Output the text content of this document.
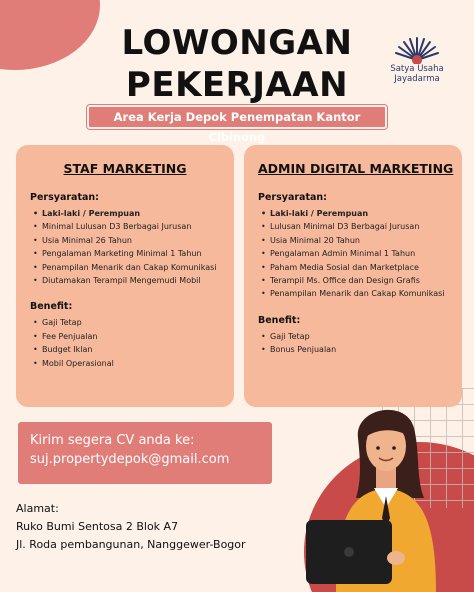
LOWONGAN
PEKERJAAN	Satya Usaha
Jayadarma
Area Kerja Depok Penempatan Kantor Cibinong
STAF MARKETING
Persyaratan:
• Laki-laki / Perempuan
• Minimal Lulusan D3 Berbagai Jurusan
• Usia Minimal 26 Tahun
• Pengalaman Marketing Minimal 1 Tahun
• Penampilan Menarik dan Cakap Komunikasi
• Diutamakan Terampil Mengemudi Mobil
Benefit:
• Gaji Tetap
• Fee Penjualan
• Budget Iklan
• Mobil Operasional
ADMIN DIGITAL MARKETING
Persyaratan:
• Laki-laki / Perempuan
• Lulusan Minimal D3 Berbagai Jurusan
• Usia Minimal 20 Tahun
• Pengalaman Admin Minimal 1 Tahun
• Paham Media Sosial dan Marketplace
• Terampil Ms. Office dan Design Grafis
• Penampilan Menarik dan Cakap Komunikasi
Benefit:
• Gaji Tetap
• Bonus Penjualan
Kirim segera CV anda ke:
suj.propertydepok@gmail.com
Alamat:
Ruko Bumi Sentosa 2 Blok A7
Jl. Roda pembangunan, Nanggewer-Bogor
